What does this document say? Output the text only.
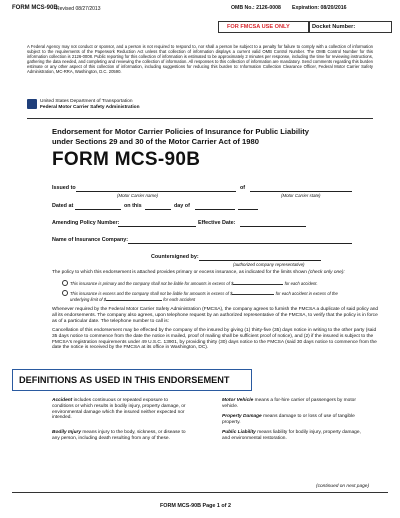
FORM MCS-90B
Revised 08/27/2013	OMB No.: 2126-0008 Expiration: 08/20/2016
FOR FMCSA USE ONLY	Docket Number:
A Federal Agency may not conduct or sponsor, and a person is not required to respond to, nor shall a person be subject to a penalty for failure to comply with a collection of information subject to the requirements of the Paperwork Reduction Act unless that collection of information displays a current valid OMB Control Number. The OMB Control Number for this information collection is 2126-0008. Public reporting for this collection of information is estimated to be approximately 2 minutes per response, including the time for reviewing instructions, gathering the data needed, and completing and reviewing the collection of information. All responses to this collection of information are mandatory. Send comments regarding this burden estimate or any other aspect of this collection of information, including suggestions for reducing this burden to: Information Collection Clearance Officer, Federal Motor Carrier Safety Administration, MC-RRA, Washington, D.C. 20590.
United States Department of Transportation
Federal Motor Carrier Safety Administration
Endorsement for Motor Carrier Policies of Insurance for Public Liability
under Sections 29 and 30 of the Motor Carrier Act of 1980
FORM MCS-90B
Issued to	of
(Motor Carrier name)	(Motor Carrier state)
Dated at	on this	day of
Amending Policy Number:	Effective Date:
Name of Insurance Company:
Countersigned by:
(authorized company representative)
The policy to which this endorsement is attached provides primary or excess insurance, as indicated for the limits shown (check only one):
This insurance is primary and the company shall not be liable for amounts in excess of $	for each accident.
This insurance is excess and the company shall not be liable for amounts in excess of $	for each accident in excess of the
underlying limit of $	for each accident
Whenever required by the Federal Motor Carrier Safety Administration (FMCSA), the company agrees to furnish the FMCSA a duplicate of said policy and all its endorsements. The company also agrees, upon telephone request by an authorized representative of the FMCSA, to verify that the policy is in force as of a particular date. The telephone number to call is:
Cancellation of this endorsement may be effected by the company of the insured by giving (1) thirty-five (35) days notice in writing to the other party (said 35 days notice to commence from the date the notice is mailed, proof of mailing shall be sufficient proof of notice), and (2) if the insured is subject to the FMCSA's registration requirements under 49 U.S.C. 13901, by providing thirty (30) days notice to the FMCSA (said 30 days notice to commence from the date the notice is received by the FMCSA at its office in Washington, DC).
DEFINITIONS AS USED IN THIS ENDORSEMENT
Accident includes continuous or repeated exposure to conditions or which results in bodily injury, property damage, or environmental damage which the insured neither expected nor intended.
Bodily Injury means injury to the body, sickness, or disease to any person, including death resulting from any of these.
Motor Vehicle means a for-hire carrier of passengers by motor vehicle.
Property Damage means damage to or loss of use of tangible property.
Public Liability means liability for bodily injury, property damage, and environmental restoration.
(continued on next page)
FORM MCS-90B Page 1 of 2
